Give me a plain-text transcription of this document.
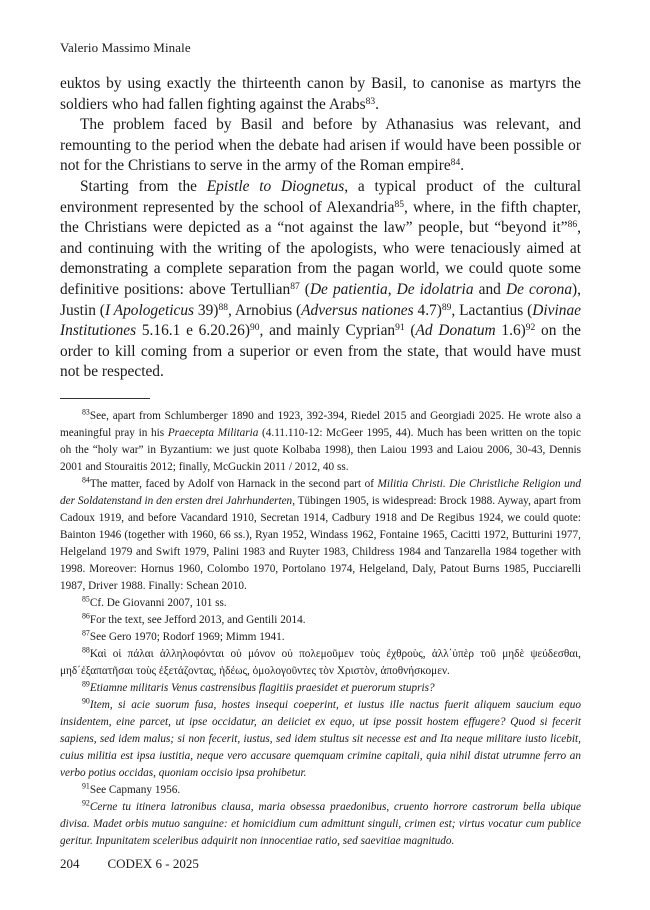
Valerio Massimo Minale

euktos by using exactly the thirteenth canon by Basil, to canonise as martyrs the soldiers who had fallen fighting against the Arabs$^{83}$.

The problem faced by Basil and before by Athanasius was relevant, and remounting to the period when the debate had arisen if would have been possible or not for the Christians to serve in the army of the Roman empire$^{84}$.

Starting from the Epistle to Diognetus, a typical product of the cultural environment represented by the school of Alexandria$^{85}$, where, in the fifth chapter, the Christians were depicted as a “not against the law” people, but “beyond it”$^{86}$, and continuing with the writing of the apologists, who were tenaciously aimed at demonstrating a complete separation from the pagan world, we could quote some definitive positions: above Tertullian$^{87}$ (De patientia, De idolatria and De corona), Justin (I Apologeticus 39)$^{88}$, Arnobius (Adversus nationes 4.7)$^{89}$, Lactantius (Divinae Institutiones 5.16.1 e 6.20.26)$^{90}$, and mainly Cyprian$^{91}$ (Ad Donatum 1.6)$^{92}$ on the order to kill coming from a superior or even from the state, that would have must not be respected.

$^{83}$See, apart from Schlumberger 1890 and 1923, 392-394, Riedel 2015 and Georgiadi 2025. He wrote also a meaningful pray in his Praecepta Militaria (4.11.110-12: McGeer 1995, 44). Much has been written on the topic oh the “holy war” in Byzantium: we just quote Kolbaba 1998), then Laiou 1993 and Laiou 2006, 30-43, Dennis 2001 and Stouraitis 2012; finally, McGuckin 2011 / 2012, 40 ss.

$^{84}$The matter, faced by Adolf von Harnack in the second part of Militia Christi. Die Christliche Religion und der Soldatenstand in den ersten drei Jahrhunderten, Tübingen 1905, is widespread: Brock 1988. Ayway, apart from Cadoux 1919, and before Vacandard 1910, Secretan 1914, Cadbury 1918 and De Regibus 1924, we could quote: Bainton 1946 (together with 1960, 66 ss.), Ryan 1952, Windass 1962, Fontaine 1965, Cacitti 1972, Butturini 1977, Helgeland 1979 and Swift 1979, Palini 1983 and Ruyter 1983, Childress 1984 and Tanzarella 1984 together with 1998. Moreover: Hornus 1960, Colombo 1970, Portolano 1974, Helgeland, Daly, Patout Burns 1985, Pucciarelli 1987, Driver 1988. Finally: Schean 2010.

$^{85}$Cf. De Giovanni 2007, 101 ss.

$^{86}$For the text, see Jefford 2013, and Gentili 2014.

$^{87}$See Gero 1970; Rodorf 1969; Mimm 1941.

$^{88}$Καὶ οἱ πάλαι ἀλληλοφόνται οὐ μόνον οὐ πολεμοῦμεν τοὺς ἐχθροὺς, ἀλλ΄ὑπὲρ τοῦ μηδὲ ψεύδεσθαι, μηδ΄ἐξαπατῆσαι τοὺς ἐξετάζοντας, ἡδέως, ὁμολογοῦντες τὸν Χριστὸν, ἀποθνήσκομεν.

$^{89}$Etiamne militaris Venus castrensibus flagitiis praesidet et puerorum stupris?

$^{90}$Item, si acie suorum fusa, hostes insequi coeperint, et iustus ille nactus fuerit aliquem saucium equo insidentem, eine parcet, ut ipse occidatur, an deiiciet ex equo, ut ipse possit hostem effugere? Quod si fecerit sapiens, sed idem malus; si non fecerit, iustus, sed idem stultus sit necesse est and Ita neque militare iusto licebit, cuius militia est ipsa iustitia, neque vero accusare quemquam crimine capitali, quia nihil distat utrumne ferro an verbo potius occidas, quoniam occisio ipsa prohibetur.

$^{91}$See Capmany 1956.

$^{92}$Cerne tu itinera latronibus clausa, maria obsessa praedonibus, cruento horrore castrorum bella ubique divisa. Madet orbis mutuo sanguine: et homicidium cum admittunt singuli, crimen est; virtus vocatur cum publice geritur. Inpunitatem sceleribus adquirit non innocentiae ratio, sed saevitiae magnitudo.

204 CODEX 6 - 2025
